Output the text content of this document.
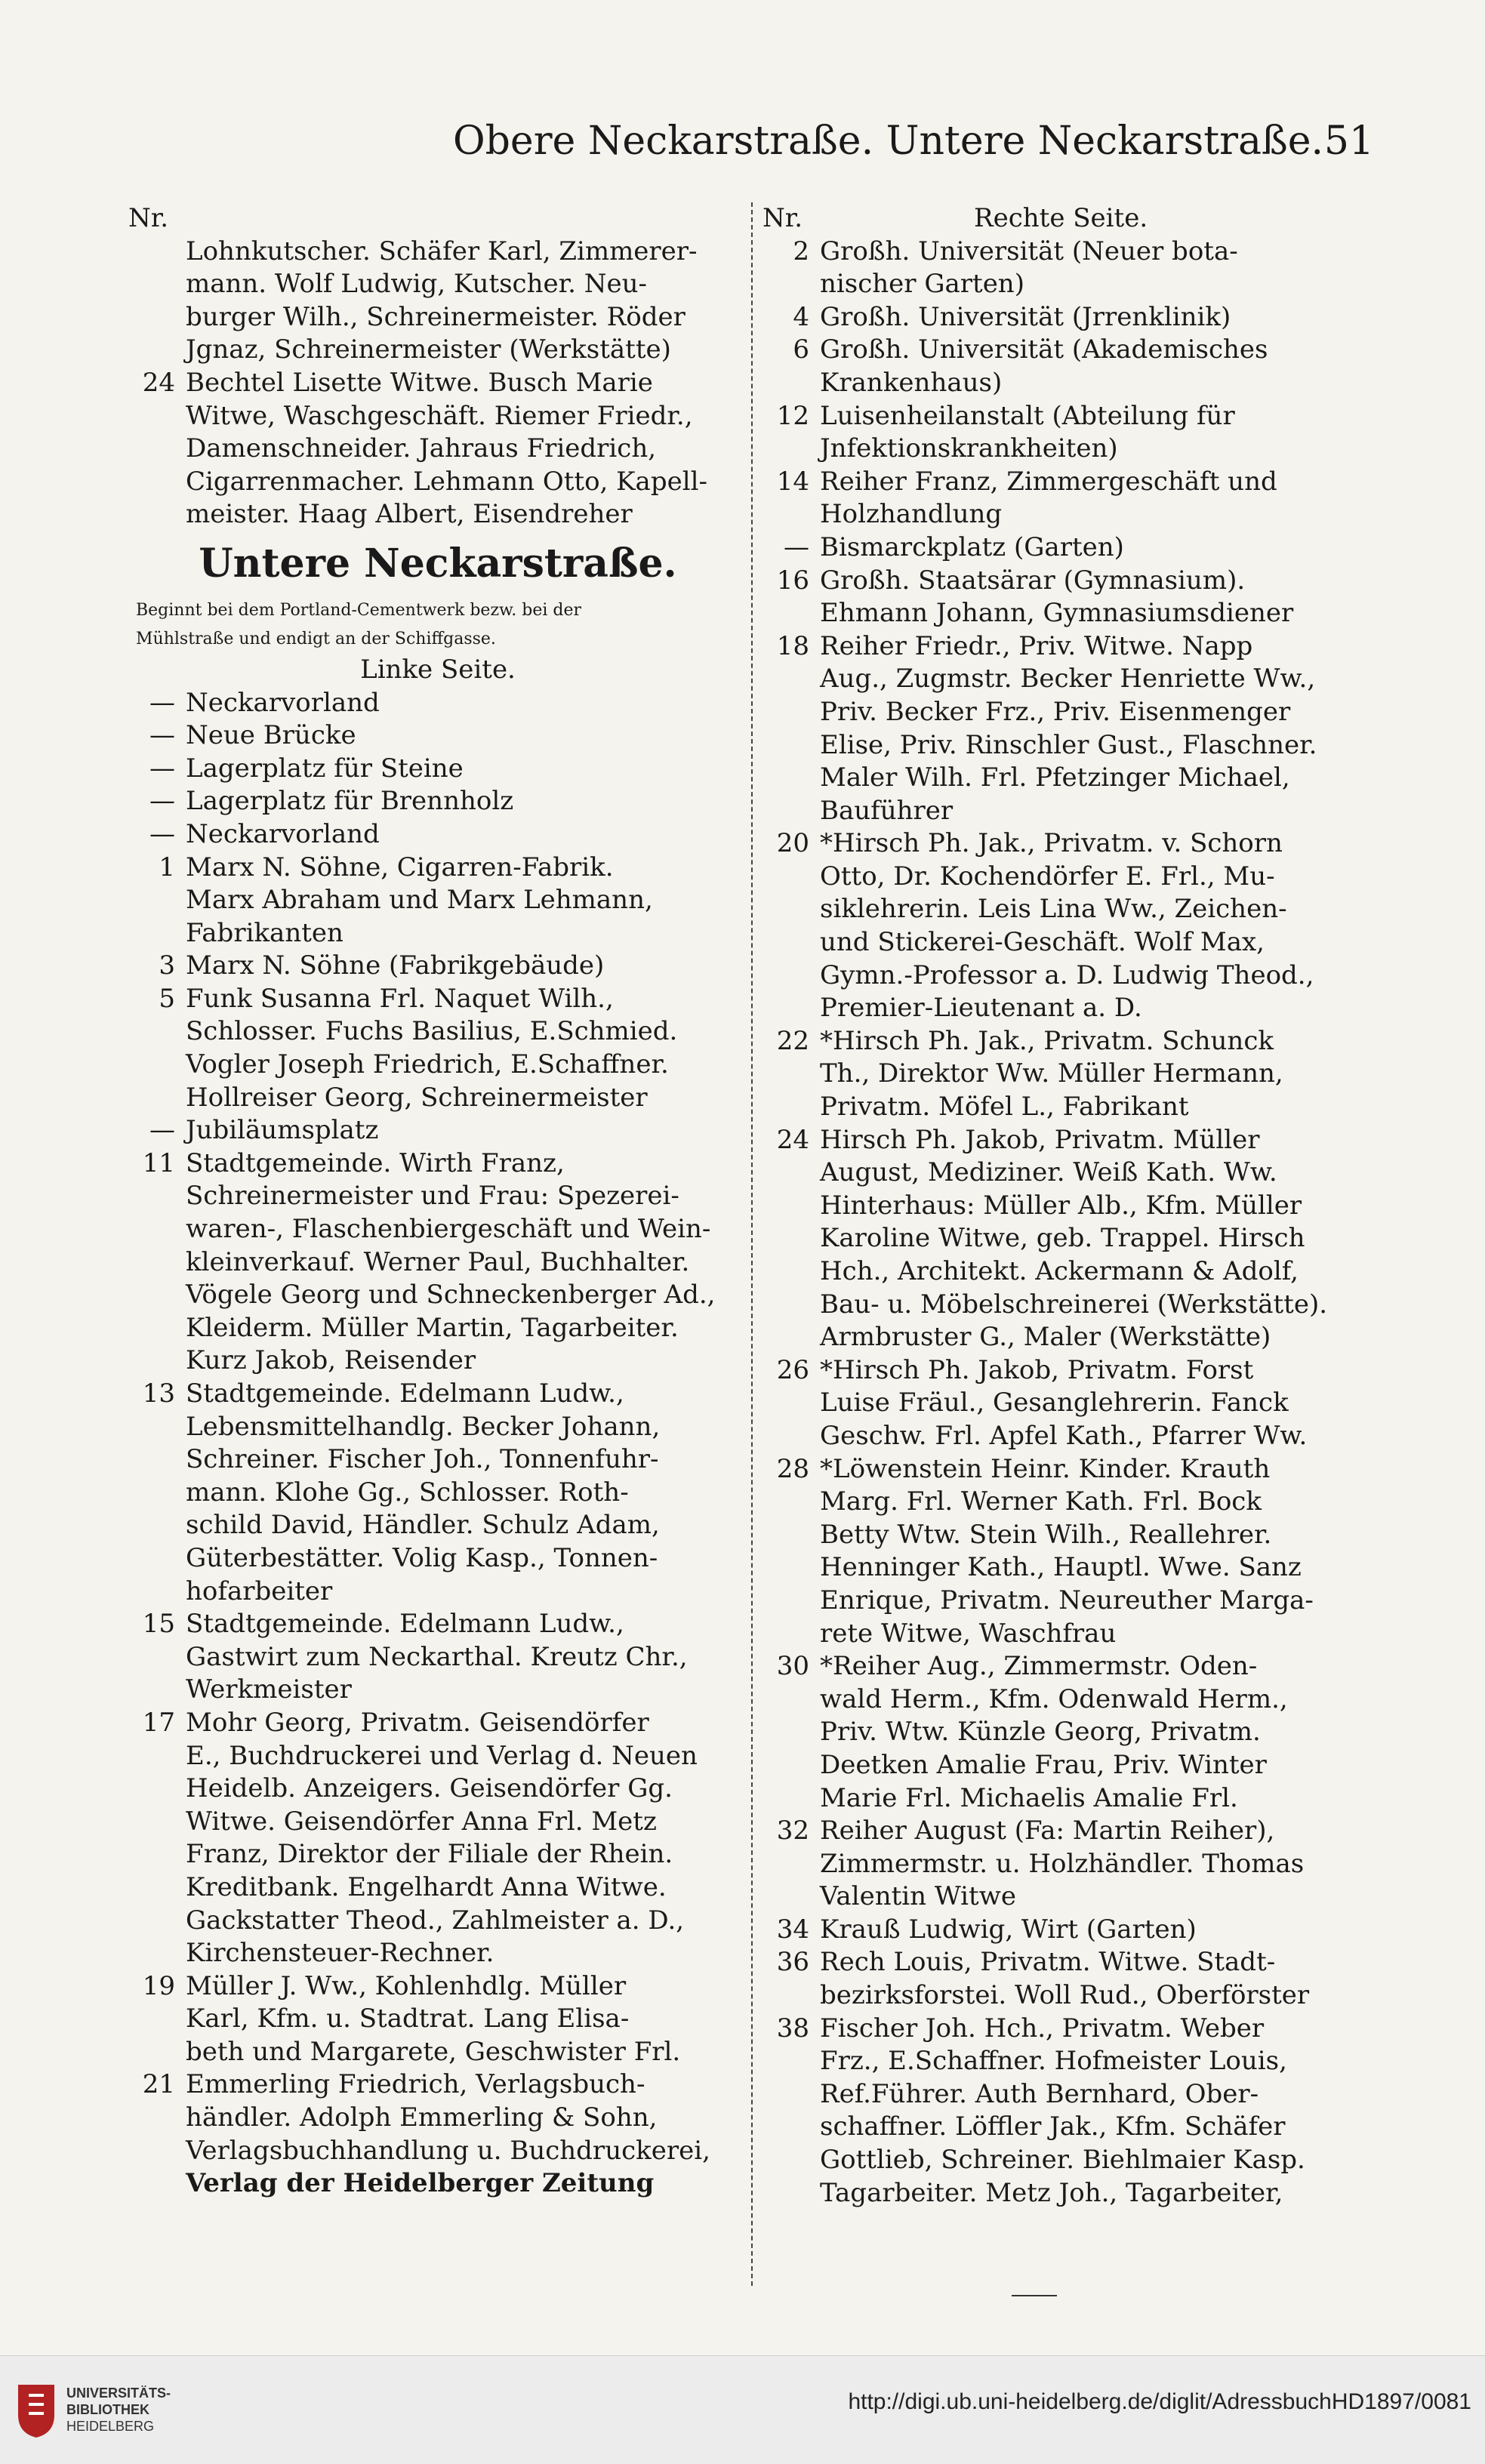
Obere Neckarstraße. Untere Neckarstraße. 51
Nr.
Lohnkutscher. Schäfer Karl, Zimmerer-
mann. Wolf Ludwig, Kutscher. Neu-
burger Wilh., Schreinermeister. Röder
Jgnaz, Schreinermeister (Werkstätte)
24 Bechtel Lisette Witwe. Busch Marie
Witwe, Waschgeschäft. Riemer Friedr.,
Damenschneider. Jahraus Friedrich,
Cigarrenmacher. Lehmann Otto, Kapell-
meister. Haag Albert, Eisendreher
Untere Neckarstraße.
Beginnt bei dem Portland-Cementwerk bezw. bei der
Mühlstraße und endigt an der Schiffgasse.
Linke Seite.
— Neckarvorland
— Neue Brücke
— Lagerplatz für Steine
— Lagerplatz für Brennholz
— Neckarvorland
1 Marx N. Söhne, Cigarren-Fabrik.
Marx Abraham und Marx Lehmann,
Fabrikanten
3 Marx N. Söhne (Fabrikgebäude)
5 Funk Susanna Frl. Naquet Wilh.,
Schlosser. Fuchs Basilius, E.Schmied.
Vogler Joseph Friedrich, E.Schaffner.
Hollreiser Georg, Schreinermeister
— Jubiläumsplatz
11 Stadtgemeinde. Wirth Franz,
Schreinermeister und Frau: Spezerei-
waren-, Flaschenbiergeschäft und Wein-
kleinverkauf. Werner Paul, Buchhalter.
Vögele Georg und Schneckenberger Ad.,
Kleiderm. Müller Martin, Tagarbeiter.
Kurz Jakob, Reisender
13 Stadtgemeinde. Edelmann Ludw.,
Lebensmittelhandlg. Becker Johann,
Schreiner. Fischer Joh., Tonnenfuhr-
mann. Klohe Gg., Schlosser. Roth-
schild David, Händler. Schulz Adam,
Güterbestätter. Volig Kasp., Tonnen-
hofarbeiter
15 Stadtgemeinde. Edelmann Ludw.,
Gastwirt zum Neckarthal. Kreutz Chr.,
Werkmeister
17 Mohr Georg, Privatm. Geisendörfer
E., Buchdruckerei und Verlag d. Neuen
Heidelb. Anzeigers. Geisendörfer Gg.
Witwe. Geisendörfer Anna Frl. Metz
Franz, Direktor der Filiale der Rhein.
Kreditbank. Engelhardt Anna Witwe.
Gackstatter Theod., Zahlmeister a. D.,
Kirchensteuer-Rechner.
19 Müller J. Ww., Kohlenhdlg. Müller
Karl, Kfm. u. Stadtrat. Lang Elisa-
beth und Margarete, Geschwister Frl.
21 Emmerling Friedrich, Verlagsbuch-
händler. Adolph Emmerling & Sohn,
Verlagsbuchhandlung u. Buchdruckerei,
Verlag der Heidelberger Zeitung
Nr.	Rechte Seite.
2 Großh. Universität (Neuer bota-
nischer Garten)
4 Großh. Universität (Jrrenklinik)
6 Großh. Universität (Akademisches
Krankenhaus)
12 Luisenheilanstalt (Abteilung für
Jnfektionskrankheiten)
14 Reiher Franz, Zimmergeschäft und
Holzhandlung
— Bismarckplatz (Garten)
16 Großh. Staatsärar (Gymnasium).
Ehmann Johann, Gymnasiumsdiener
18 Reiher Friedr., Priv. Witwe. Napp
Aug., Zugmstr. Becker Henriette Ww.,
Priv. Becker Frz., Priv. Eisenmenger
Elise, Priv. Rinschler Gust., Flaschner.
Maler Wilh. Frl. Pfetzinger Michael,
Bauführer
20 *Hirsch Ph. Jak., Privatm. v. Schorn
Otto, Dr. Kochendörfer E. Frl., Mu-
siklehrerin. Leis Lina Ww., Zeichen-
und Stickerei-Geschäft. Wolf Max,
Gymn.-Professor a. D. Ludwig Theod.,
Premier-Lieutenant a. D.
22 *Hirsch Ph. Jak., Privatm. Schunck
Th., Direktor Ww. Müller Hermann,
Privatm. Möfel L., Fabrikant
24 Hirsch Ph. Jakob, Privatm. Müller
August, Mediziner. Weiß Kath. Ww.
Hinterhaus: Müller Alb., Kfm. Müller
Karoline Witwe, geb. Trappel. Hirsch
Hch., Architekt. Ackermann & Adolf,
Bau- u. Möbelschreinerei (Werkstätte).
Armbruster G., Maler (Werkstätte)
26 *Hirsch Ph. Jakob, Privatm. Forst
Luise Fräul., Gesanglehrerin. Fanck
Geschw. Frl. Apfel Kath., Pfarrer Ww.
28 *Löwenstein Heinr. Kinder. Krauth
Marg. Frl. Werner Kath. Frl. Bock
Betty Wtw. Stein Wilh., Reallehrer.
Henninger Kath., Hauptl. Wwe. Sanz
Enrique, Privatm. Neureuther Marga-
rete Witwe, Waschfrau
30 *Reiher Aug., Zimmermstr. Oden-
wald Herm., Kfm. Odenwald Herm.,
Priv. Wtw. Künzle Georg, Privatm.
Deetken Amalie Frau, Priv. Winter
Marie Frl. Michaelis Amalie Frl.
32 Reiher August (Fa: Martin Reiher),
Zimmermstr. u. Holzhändler. Thomas
Valentin Witwe
34 Krauß Ludwig, Wirt (Garten)
36 Rech Louis, Privatm. Witwe. Stadt-
bezirksforstei. Woll Rud., Oberförster
38 Fischer Joh. Hch., Privatm. Weber
Frz., E.Schaffner. Hofmeister Louis,
Ref.Führer. Auth Bernhard, Ober-
schaffner. Löffler Jak., Kfm. Schäfer
Gottlieb, Schreiner. Biehlmaier Kasp.
Tagarbeiter. Metz Joh., Tagarbeiter,
UNIVERSITÄTS-
BIBLIOTHEK
HEIDELBERG
http://digi.ub.uni-heidelberg.de/diglit/AdressbuchHD1897/0081
